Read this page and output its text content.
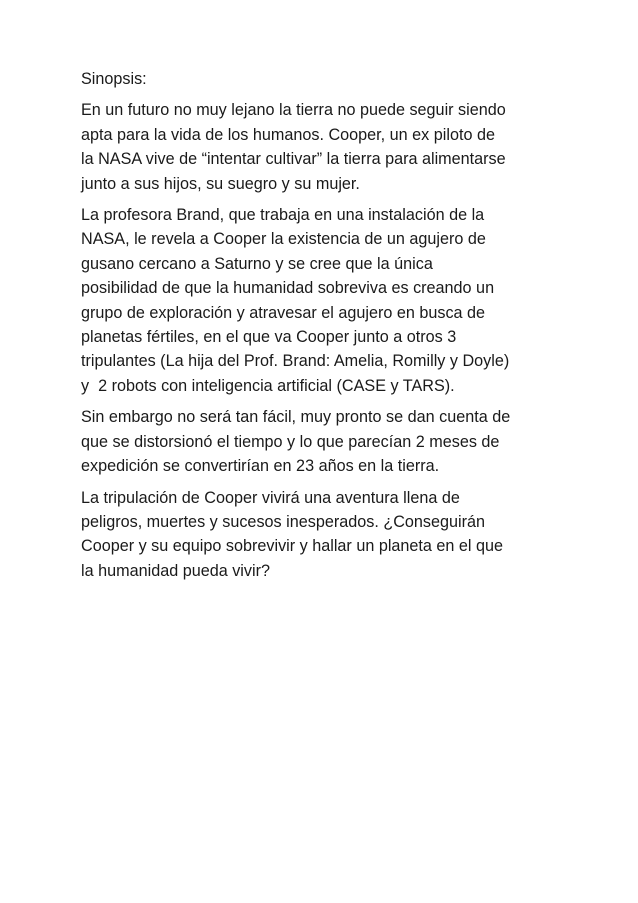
Sinopsis:
En un futuro no muy lejano la tierra no puede seguir siendo
apta para la vida de los humanos. Cooper, un ex piloto de
la NASA vive de “intentar cultivar” la tierra para alimentarse
junto a sus hijos, su suegro y su mujer.
La profesora Brand, que trabaja en una instalación de la
NASA, le revela a Cooper la existencia de un agujero de
gusano cercano a Saturno y se cree que la única
posibilidad de que la humanidad sobreviva es creando un
grupo de exploración y atravesar el agujero en busca de
planetas fértiles, en el que va Cooper junto a otros 3
tripulantes (La hija del Prof. Brand: Amelia, Romilly y Doyle)
y  2 robots con inteligencia artificial (CASE y TARS).
Sin embargo no será tan fácil, muy pronto se dan cuenta de
que se distorsionó el tiempo y lo que parecían 2 meses de
expedición se convertirían en 23 años en la tierra.
La tripulación de Cooper vivirá una aventura llena de
peligros, muertes y sucesos inesperados. ¿Conseguirán
Cooper y su equipo sobrevivir y hallar un planeta en el que
la humanidad pueda vivir?
